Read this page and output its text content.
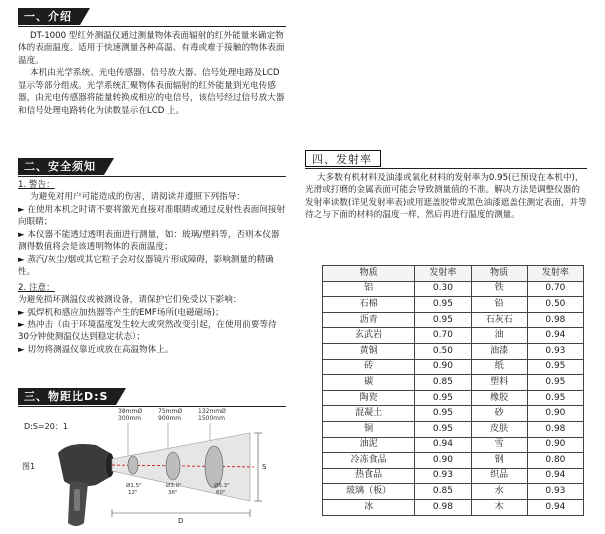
一、介绍

DT-1000 型红外测温仪通过测量物体表面辐射的红外能量来确定物体的表面温度。适用于快速测量各种高温、有毒或难于接触的物体表面温度。

本机由光学系统、光电传感器、信号放大器、信号处理电路及LCD 显示等部分组成。光学系统汇聚物体表面辐射的红外能量到光电传感器，由光电传感器将能量转换成相应的电信号，该信号经过信号放大器和信号处理电路转化为读数显示在LCD 上。

二、安全须知

1. 警告：

为避免对用户可能造成的伤害，请阅读并遵照下列指导：

► 在使用本机之时请不要将激光直接对准眼睛或通过反射性表面间接射向眼睛；

► 本仪器不能透过透明表面进行测量，如：玻璃/塑料等，否则本仪器测得数值将会是该透明物体的表面温度；

► 蒸汽/灰尘/烟或其它粒子会对仪器镜片形成障碍，影响测量的精确性。

2. 注意：

为避免损坏测温仪或被测设备，请保护它们免受以下影响：

► 弧焊机和感应加热器等产生的EMF场所(电磁磁场)；

► 热冲击（由于环境温度发生较大或突然改变引起，在使用前要等待30分钟使测温仪达到稳定状态）；

► 切勿将测温仪靠近或放在高温物体上。

三、物距比D:S
D:S=20：1
图1
38mmØ
300mm
75mmØ
900mm
132mmØ
1500mm
Ø1.5"
12"
Ø3.0"
36"
Ø5.3"
60"
D
S

四、发射率

大多数有机材料及油漆或氧化材料的发射率为0.95(已预设在本机中)，光滑或打磨的金属表面可能会导致测量值的不准。解决方法是调整仪器的发射率读数(详见发射率表)或用遮盖胶带或黑色油漆遮盖住测定表面，并等待之与下面的材料的温度一样，然后再进行温度的测量。

物质	发射率	物质	发射率
铝	0.30	铁	0.70
石棉	0.95	铅	0.50
沥青	0.95	石灰石	0.98
玄武岩	0.70	油	0.94
黄铜	0.50	油漆	0.93
砖	0.90	纸	0.95
碳	0.85	塑料	0.95
陶瓷	0.95	橡胶	0.95
混凝土	0.95	砂	0.90
铜	0.95	皮肤	0.98
油泥	0.94	雪	0.90
冷冻食品	0.90	钢	0.80
热食品	0.93	织品	0.94
玻璃（板）	0.85	水	0.93
冰	0.98	木	0.94
